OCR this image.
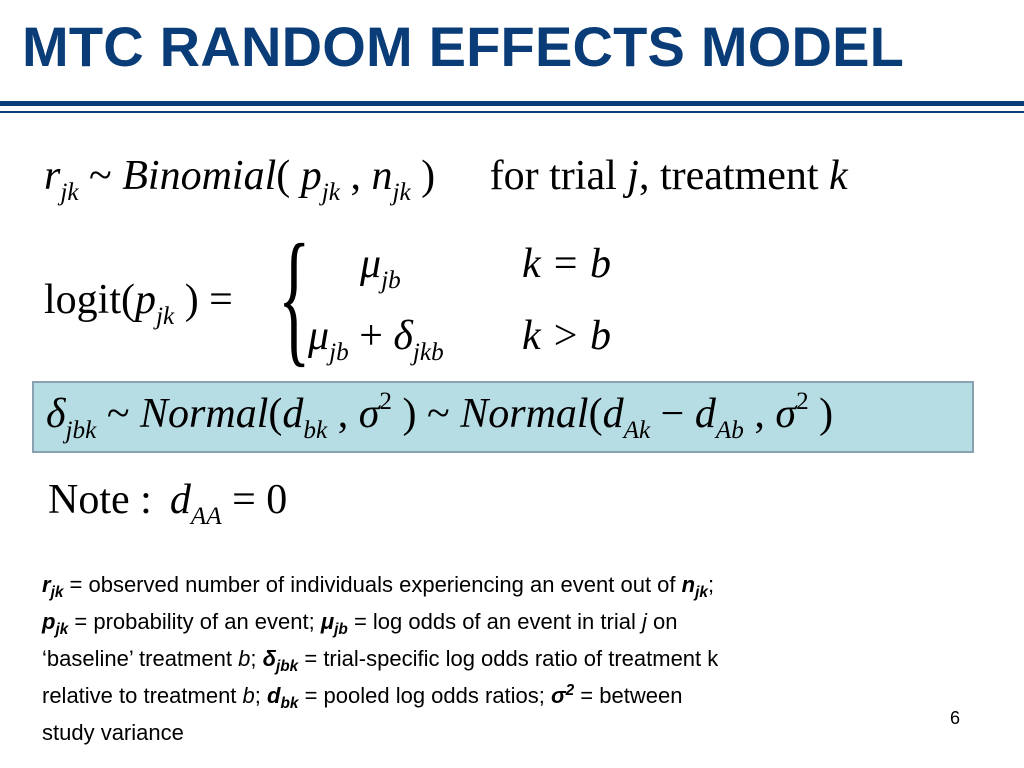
MTC RANDOM EFFECTS MODEL
$r_{jk}$ ~ Binomial( $p_{jk}$ , $n_{jk}$ ) for trial j, treatment k
$logit(p_{jk}$ ) = { $\mu_{jb}$
$\mu_{jb} + \delta_{jkb}$
k = b
k > b
$\delta_{jbk}$ ~ $Normal(d_{bk}$ , $\sigma^2$ ) ~ $Normal(d_{Ak} - d_{Ab}$ , $\sigma^2$ )
Note : $d_{AA} = 0$
$r_{jk}$ = observed number of individuals experiencing an event out of $n_{jk}$;
$p_{jk}$ = probability of an event; $\mu_{jb} = \log$ odds of an event in trial j on
‘baseline’ treatment b; $\delta_{jbk}$ = trial-specific log odds ratio of treatment k
relative to treatment b; $d_{bk}$ = pooled log odds ratios; $\sigma^2$ = between
study variance
6
